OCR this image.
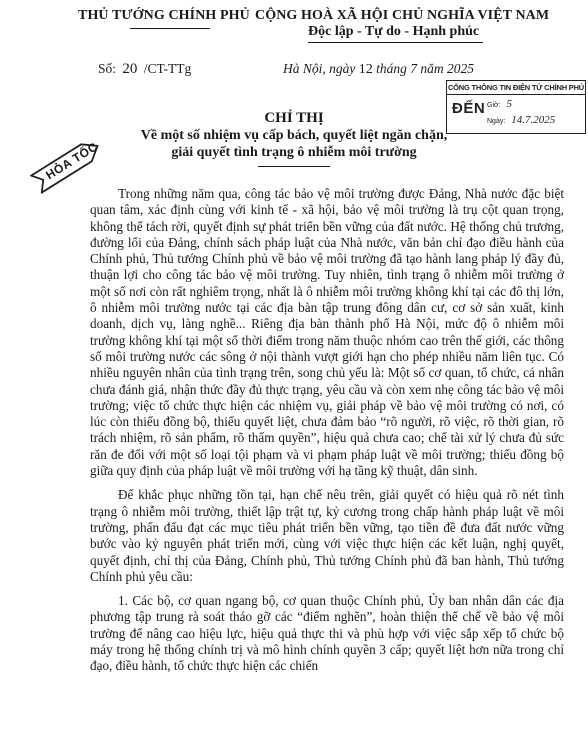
THỦ TƯỚNG CHÍNH PHỦ CỘNG HOÀ XÃ HỘI CHỦ NGHĨA VIỆT NAM
Độc lập - Tự do - Hạnh phúc
Số: 20 /CT-TTg	Hà Nội, ngày 12 tháng 7 năm 2025
CỔNG THÔNG TIN ĐIỆN TỬ CHÍNH PHỦ
ĐẾN Giờ: 5
Ngày: 14.7.2025
HỎA TỐC
CHỈ THỊ
Về một số nhiệm vụ cấp bách, quyết liệt ngăn chặn,
giải quyết tình trạng ô nhiễm môi trường

Trong những năm qua, công tác bảo vệ môi trường được Đảng, Nhà nước đặc biệt quan tâm, xác định cùng với kinh tế - xã hội, bảo vệ môi trường là trụ cột quan trọng, không thể tách rời, quyết định sự phát triển bền vững của đất nước. Hệ thống chủ trương, đường lối của Đảng, chính sách pháp luật của Nhà nước, văn bản chỉ đạo điều hành của Chính phủ, Thủ tướng Chính phủ về bảo vệ môi trường đã tạo hành lang pháp lý đầy đủ, thuận lợi cho công tác bảo vệ môi trường. Tuy nhiên, tình trạng ô nhiễm môi trường ở một số nơi còn rất nghiêm trọng, nhất là ô nhiễm môi trường không khí tại các đô thị lớn, ô nhiễm môi trường nước tại các địa bàn tập trung đông dân cư, cơ sở sản xuất, kinh doanh, dịch vụ, làng nghề... Riêng địa bàn thành phố Hà Nội, mức độ ô nhiễm môi trường không khí tại một số thời điểm trong năm thuộc nhóm cao trên thế giới, các thông số môi trường nước các sông ở nội thành vượt giới hạn cho phép nhiều năm liên tục. Có nhiều nguyên nhân của tình trạng trên, song chủ yếu là: Một số cơ quan, tổ chức, cá nhân chưa đánh giá, nhận thức đầy đủ thực trạng, yêu cầu và còn xem nhẹ công tác bảo vệ môi trường; việc tổ chức thực hiện các nhiệm vụ, giải pháp về bảo vệ môi trường có nơi, có lúc còn thiếu đồng bộ, thiếu quyết liệt, chưa đảm bảo “rõ người, rõ việc, rõ thời gian, rõ trách nhiệm, rõ sản phẩm, rõ thẩm quyền”, hiệu quả chưa cao; chế tài xử lý chưa đủ sức răn đe đối với một số loại tội phạm và vi phạm pháp luật về môi trường; thiếu đồng bộ giữa quy định của pháp luật về môi trường với hạ tầng kỹ thuật, dân sinh.

Để khắc phục những tồn tại, hạn chế nêu trên, giải quyết có hiệu quả rõ nét tình trạng ô nhiễm môi trường, thiết lập trật tự, kỷ cương trong chấp hành pháp luật về môi trường, phấn đấu đạt các mục tiêu phát triển bền vững, tạo tiền đề đưa đất nước vững bước vào kỷ nguyên phát triển mới, cùng với việc thực hiện các kết luận, nghị quyết, quyết định, chỉ thị của Đảng, Chính phủ, Thủ tướng Chính phủ đã ban hành, Thủ tướng Chính phủ yêu cầu:

1. Các bộ, cơ quan ngang bộ, cơ quan thuộc Chính phủ, Ủy ban nhân dân các địa phương tập trung rà soát tháo gỡ các “điểm nghẽn”, hoàn thiện thể chế về bảo vệ môi trường để nâng cao hiệu lực, hiệu quả thực thi và phù hợp với việc sắp xếp tổ chức bộ máy trong hệ thống chính trị và mô hình chính quyền 3 cấp; quyết liệt hơn nữa trong chỉ đạo, điều hành, tổ chức thực hiện các chiến
